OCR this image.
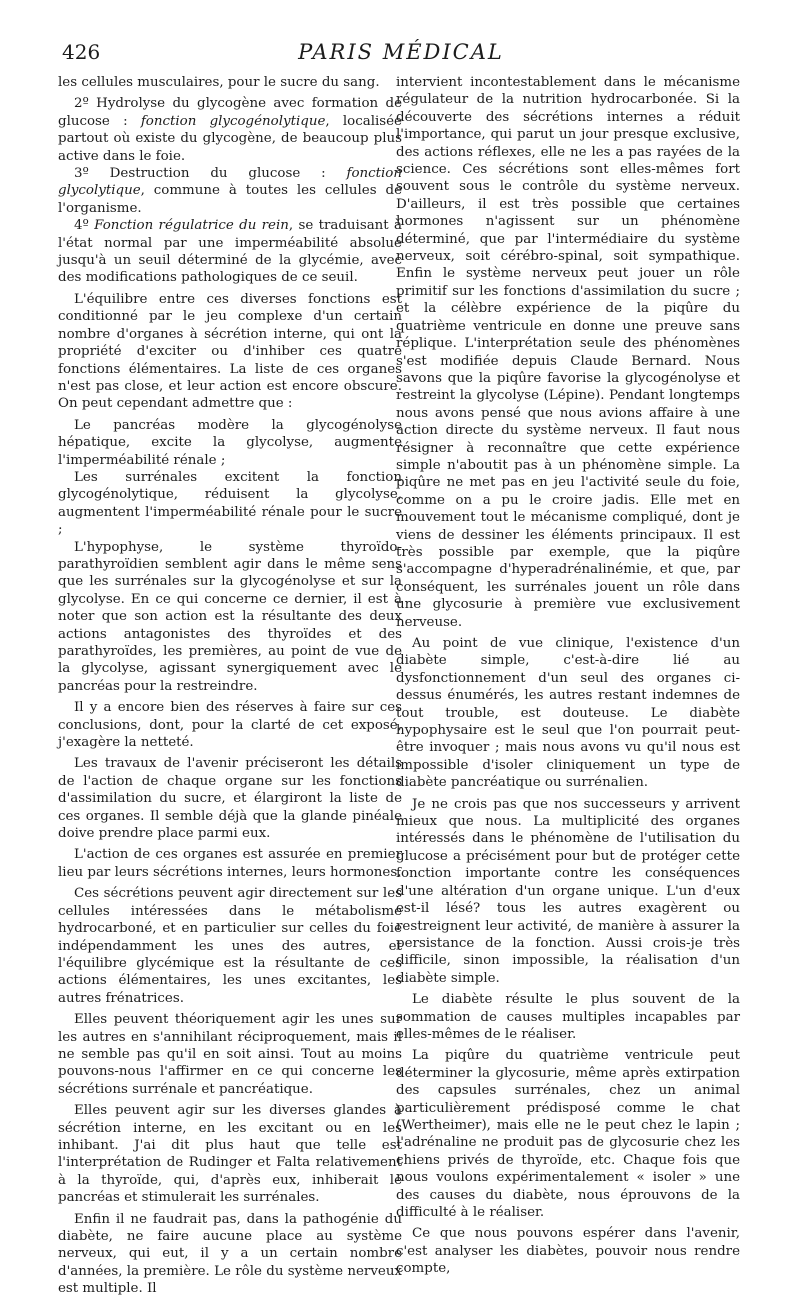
426	PARIS MÉDICAL

les cellules musculaires, pour le sucre du sang.

2º Hydrolyse du glycogène avec formation de glucose : fonction glycogénolytique, localisée partout où existe du glycogène, de beaucoup plus active dans le foie.

3º Destruction du glucose : fonction glycolytique, commune à toutes les cellules de l'organisme.

4º Fonction régulatrice du rein, se traduisant à l'état normal par une imperméabilité absolue jusqu'à un seuil déterminé de la glycémie, avec des modifications pathologiques de ce seuil.

L'équilibre entre ces diverses fonctions est conditionné par le jeu complexe d'un certain nombre d'organes à sécrétion interne, qui ont la propriété d'exciter ou d'inhiber ces quatre fonctions élémentaires. La liste de ces organes n'est pas close, et leur action est encore obscure. On peut cependant admettre que :

Le pancréas modère la glycogénolyse hépatique, excite la glycolyse, augmente l'imperméabilité rénale ;

Les surrénales excitent la fonction glycogénolytique, réduisent la glycolyse, augmentent l'imperméabilité rénale pour le sucre ;

L'hypophyse, le système thyroïdo-parathyroïdien semblent agir dans le même sens que les surrénales sur la glycogénolyse et sur la glycolyse. En ce qui concerne ce dernier, il est à noter que son action est la résultante des deux actions antagonistes des thyroïdes et des parathyroïdes, les premières, au point de vue de la glycolyse, agissant synergiquement avec le pancréas pour la restreindre.

Il y a encore bien des réserves à faire sur ces conclusions, dont, pour la clarté de cet exposé, j'exagère la netteté.

Les travaux de l'avenir préciseront les détails de l'action de chaque organe sur les fonctions d'assimilation du sucre, et élargiront la liste de ces organes. Il semble déjà que la glande pinéale doive prendre place parmi eux.

L'action de ces organes est assurée en premier lieu par leurs sécrétions internes, leurs hormones.

Ces sécrétions peuvent agir directement sur les cellules intéressées dans le métabolisme hydrocarboné, et en particulier sur celles du foie indépendamment les unes des autres, et l'équilibre glycémique est la résultante de ces actions élémentaires, les unes excitantes, les autres frénatrices.

Elles peuvent théoriquement agir les unes sur les autres en s'annihilant réciproquement, mais il ne semble pas qu'il en soit ainsi. Tout au moins pouvons-nous l'affirmer en ce qui concerne les sécrétions surrénale et pancréatique.

Elles peuvent agir sur les diverses glandes à sécrétion interne, en les excitant ou en les inhibant. J'ai dit plus haut que telle est l'interprétation de Rudinger et Falta relativement à la thyroïde, qui, d'après eux, inhiberait le pancréas et stimulerait les surrénales.

Enfin il ne faudrait pas, dans la pathogénie du diabète, ne faire aucune place au système nerveux, qui eut, il y a un certain nombre d'années, la première. Le rôle du système nerveux est multiple. Il

intervient incontestablement dans le mécanisme régulateur de la nutrition hydrocarbonée. Si la découverte des sécrétions internes a réduit l'importance, qui parut un jour presque exclusive, des actions réflexes, elle ne les a pas rayées de la science. Ces sécrétions sont elles-mêmes fort souvent sous le contrôle du système nerveux. D'ailleurs, il est très possible que certaines hormones n'agissent sur un phénomène déterminé, que par l'intermédiaire du système nerveux, soit cérébro-spinal, soit sympathique. Enfin le système nerveux peut jouer un rôle primitif sur les fonctions d'assimilation du sucre ; et la célèbre expérience de la piqûre du quatrième ventricule en donne une preuve sans réplique. L'interprétation seule des phénomènes s'est modifiée depuis Claude Bernard. Nous savons que la piqûre favorise la glycogénolyse et restreint la glycolyse (Lépine). Pendant longtemps nous avons pensé que nous avions affaire à une action directe du système nerveux. Il faut nous résigner à reconnaître que cette expérience simple n'aboutit pas à un phénomène simple. La piqûre ne met pas en jeu l'activité seule du foie, comme on a pu le croire jadis. Elle met en mouvement tout le mécanisme compliqué, dont je viens de dessiner les éléments principaux. Il est très possible par exemple, que la piqûre s'accompagne d'hyperadrénalinémie, et que, par conséquent, les surrénales jouent un rôle dans une glycosurie à première vue exclusivement nerveuse.

Au point de vue clinique, l'existence d'un diabète simple, c'est-à-dire lié au dysfonctionnement d'un seul des organes ci-dessus énumérés, les autres restant indemnes de tout trouble, est douteuse. Le diabète hypophysaire est le seul que l'on pourrait peut-être invoquer ; mais nous avons vu qu'il nous est impossible d'isoler cliniquement un type de diabète pancréatique ou surrénalien.

Je ne crois pas que nos successeurs y arrivent mieux que nous. La multiplicité des organes intéressés dans le phénomène de l'utilisation du glucose a précisément pour but de protéger cette fonction importante contre les conséquences d'une altération d'un organe unique. L'un d'eux est-il lésé? tous les autres exagèrent ou restreignent leur activité, de manière à assurer la persistance de la fonction. Aussi crois-je très difficile, sinon impossible, la réalisation d'un diabète simple.

Le diabète résulte le plus souvent de la sommation de causes multiples incapables par elles-mêmes de le réaliser.

La piqûre du quatrième ventricule peut déterminer la glycosurie, même après extirpation des capsules surrénales, chez un animal particulièrement prédisposé comme le chat (Wertheimer), mais elle ne le peut chez le lapin ; l'adrénaline ne produit pas de glycosurie chez les chiens privés de thyroïde, etc. Chaque fois que nous voulons expérimentalement « isoler » une des causes du diabète, nous éprouvons de la difficulté à le réaliser.

Ce que nous pouvons espérer dans l'avenir, c'est analyser les diabètes, pouvoir nous rendre compte,
